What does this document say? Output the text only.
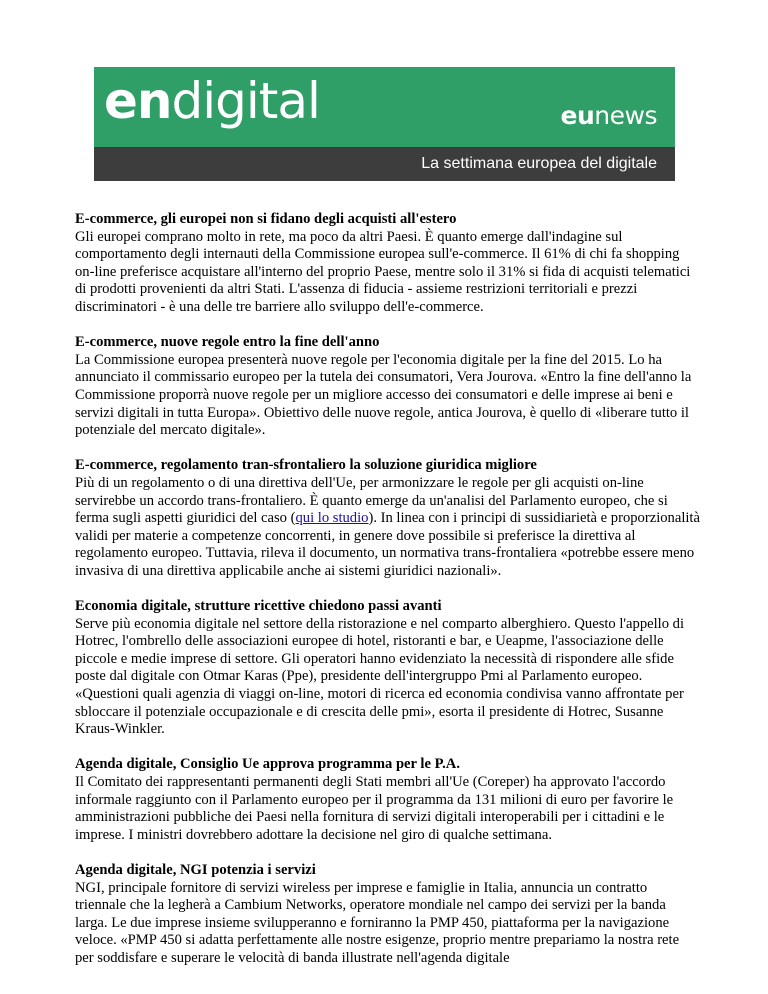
endigital	eunews
La settimana europea del digitale
E-commerce, gli europei non si fidano degli acquisti all'estero

Gli europei comprano molto in rete, ma poco da altri Paesi. È quanto emerge dall'indagine sul comportamento degli internauti della Commissione europea sull'e-commerce. Il 61% di chi fa shopping on-line preferisce acquistare all'interno del proprio Paese, mentre solo il 31% si fida di acquisti telematici di prodotti provenienti da altri Stati. L'assenza di fiducia - assieme restrizioni territoriali e prezzi discriminatori - è una delle tre barriere allo sviluppo dell'e-commerce.

E-commerce, nuove regole entro la fine dell'anno

La Commissione europea presenterà nuove regole per l'economia digitale per la fine del 2015. Lo ha annunciato il commissario europeo per la tutela dei consumatori, Vera Jourova. «Entro la fine dell'anno la Commissione proporrà nuove regole per un migliore accesso dei consumatori e delle imprese ai beni e servizi digitali in tutta Europa». Obiettivo delle nuove regole, antica Jourova, è quello di «liberare tutto il potenziale del mercato digitale».

E-commerce, regolamento tran-sfrontaliero la soluzione giuridica migliore

Più di un regolamento o di una direttiva dell'Ue, per armonizzare le regole per gli acquisti on-line servirebbe un accordo trans-frontaliero. È quanto emerge da un'analisi del Parlamento europeo, che si ferma sugli aspetti giuridici del caso (qui lo studio). In linea con i principi di sussidiarietà e proporzionalità validi per materie a competenze concorrenti, in genere dove possibile si preferisce la direttiva al regolamento europeo. Tuttavia, rileva il documento, un normativa trans-frontaliera «potrebbe essere meno invasiva di una direttiva applicabile anche ai sistemi giuridici nazionali».

Economia digitale, strutture ricettive chiedono passi avanti

Serve più economia digitale nel settore della ristorazione e nel comparto alberghiero. Questo l'appello di Hotrec, l'ombrello delle associazioni europee di hotel, ristoranti e bar, e Ueapme, l'associazione delle piccole e medie imprese di settore. Gli operatori hanno evidenziato la necessità di rispondere alle sfide poste dal digitale con Otmar Karas (Ppe), presidente dell'intergruppo Pmi al Parlamento europeo. «Questioni quali agenzia di viaggi on-line, motori di ricerca ed economia condivisa vanno affrontate per sbloccare il potenziale occupazionale e di crescita delle pmi», esorta il presidente di Hotrec, Susanne Kraus-Winkler.

Agenda digitale, Consiglio Ue approva programma per le P.A.

Il Comitato dei rappresentanti permanenti degli Stati membri all'Ue (Coreper) ha approvato l'accordo informale raggiunto con il Parlamento europeo per il programma da 131 milioni di euro per favorire le amministrazioni pubbliche dei Paesi nella fornitura di servizi digitali interoperabili per i cittadini e le imprese. I ministri dovrebbero adottare la decisione nel giro di qualche settimana.

Agenda digitale, NGI potenzia i servizi

NGI, principale fornitore di servizi wireless per imprese e famiglie in Italia, annuncia un contratto triennale che la legherà a Cambium Networks, operatore mondiale nel campo dei servizi per la banda larga. Le due imprese insieme svilupperanno e forniranno la PMP 450, piattaforma per la navigazione veloce. «PMP 450 si adatta perfettamente alle nostre esigenze, proprio mentre prepariamo la nostra rete per soddisfare e superare le velocità di banda illustrate nell'agenda digitale
